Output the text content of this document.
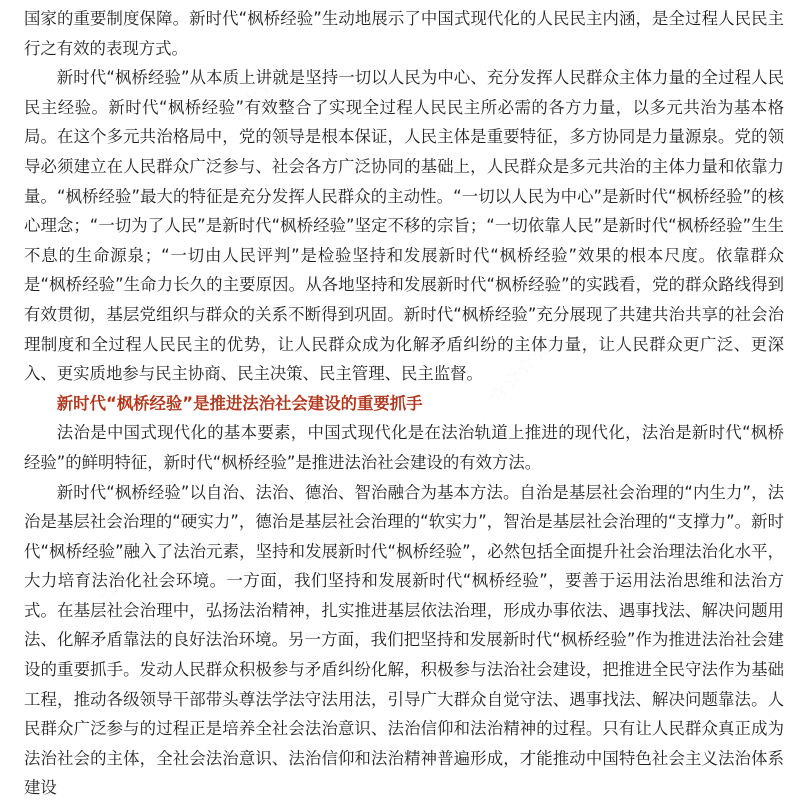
☆☆☆☆
☆☆☆☆
☆☆☆☆

国家的重要制度保障。新时代“枫桥经验”生动地展示了中国式现代化的人民民主内涵，是全过程人民民主行之有效的表现方式。

新时代“枫桥经验”从本质上讲就是坚持一切以人民为中心、充分发挥人民群众主体力量的全过程人民民主经验。新时代“枫桥经验”有效整合了实现全过程人民民主所必需的各方力量，以多元共治为基本格局。在这个多元共治格局中，党的领导是根本保证，人民主体是重要特征，多方协同是力量源泉。党的领导必须建立在人民群众广泛参与、社会各方广泛协同的基础上，人民群众是多元共治的主体力量和依靠力量。“枫桥经验”最大的特征是充分发挥人民群众的主动性。“一切以人民为中心”是新时代“枫桥经验”的核心理念；“一切为了人民”是新时代“枫桥经验”坚定不移的宗旨；“一切依靠人民”是新时代“枫桥经验”生生不息的生命源泉；“一切由人民评判”是检验坚持和发展新时代“枫桥经验”效果的根本尺度。依靠群众是“枫桥经验”生命力长久的主要原因。从各地坚持和发展新时代“枫桥经验”的实践看，党的群众路线得到有效贯彻，基层党组织与群众的关系不断得到巩固。新时代“枫桥经验”充分展现了共建共治共享的社会治理制度和全过程人民民主的优势，让人民群众成为化解矛盾纠纷的主体力量，让人民群众更广泛、更深入、更实质地参与民主协商、民主决策、民主管理、民主监督。

新时代“枫桥经验”是推进法治社会建设的重要抓手

法治是中国式现代化的基本要素，中国式现代化是在法治轨道上推进的现代化，法治是新时代“枫桥经验”的鲜明特征，新时代“枫桥经验”是推进法治社会建设的有效方法。

新时代“枫桥经验”以自治、法治、德治、智治融合为基本方法。自治是基层社会治理的“内生力”，法治是基层社会治理的“硬实力”，德治是基层社会治理的“软实力”，智治是基层社会治理的“支撑力”。新时代“枫桥经验”融入了法治元素，坚持和发展新时代“枫桥经验”，必然包括全面提升社会治理法治化水平，大力培育法治化社会环境。一方面，我们坚持和发展新时代“枫桥经验”，要善于运用法治思维和法治方式。在基层社会治理中，弘扬法治精神，扎实推进基层依法治理，形成办事依法、遇事找法、解决问题用法、化解矛盾靠法的良好法治环境。另一方面，我们把坚持和发展新时代“枫桥经验”作为推进法治社会建设的重要抓手。发动人民群众积极参与矛盾纠纷化解，积极参与法治社会建设，把推进全民守法作为基础工程，推动各级领导干部带头尊法学法守法用法，引导广大群众自觉守法、遇事找法、解决问题靠法。人民群众广泛参与的过程正是培养全社会法治意识、法治信仰和法治精神的过程。只有让人民群众真正成为法治社会的主体，全社会法治意识、法治信仰和法治精神普遍形成，才能推动中国特色社会主义法治体系建设
